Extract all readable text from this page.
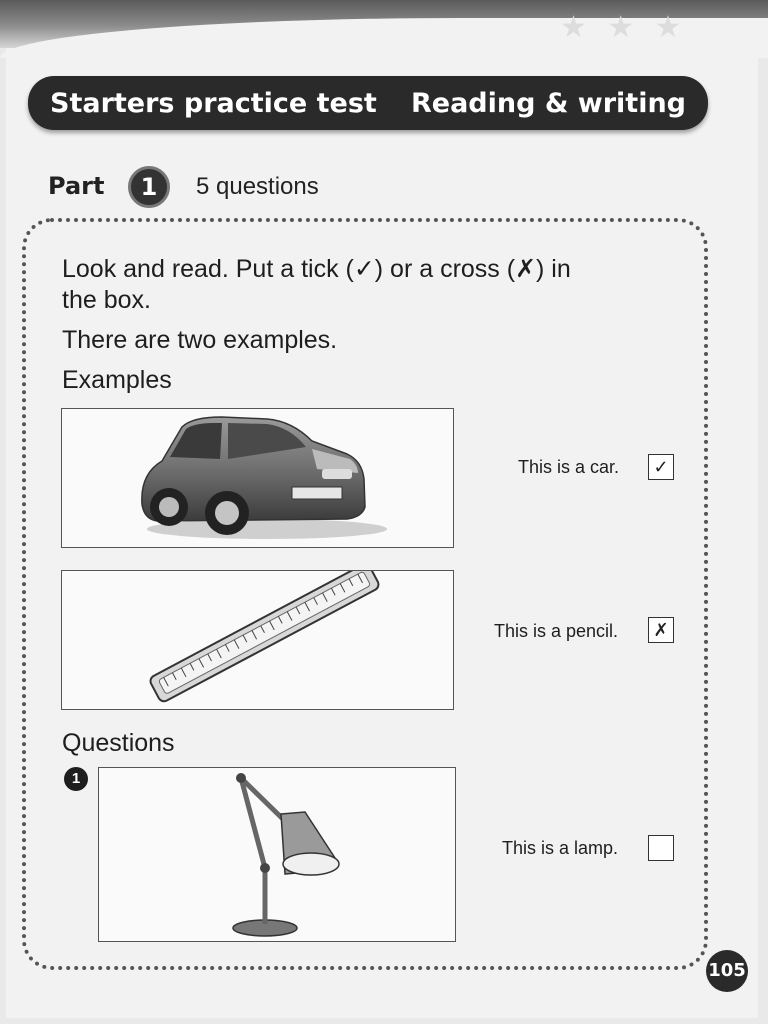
★ ★ ★
Starters practice test Reading & writing
Part	1	5 questions
Look and read. Put a tick (✓) or a cross (✗) in
the box.
There are two examples.
Examples
This is a car.	✓
This is a pencil.	✗
Questions
1
This is a lamp.
105
